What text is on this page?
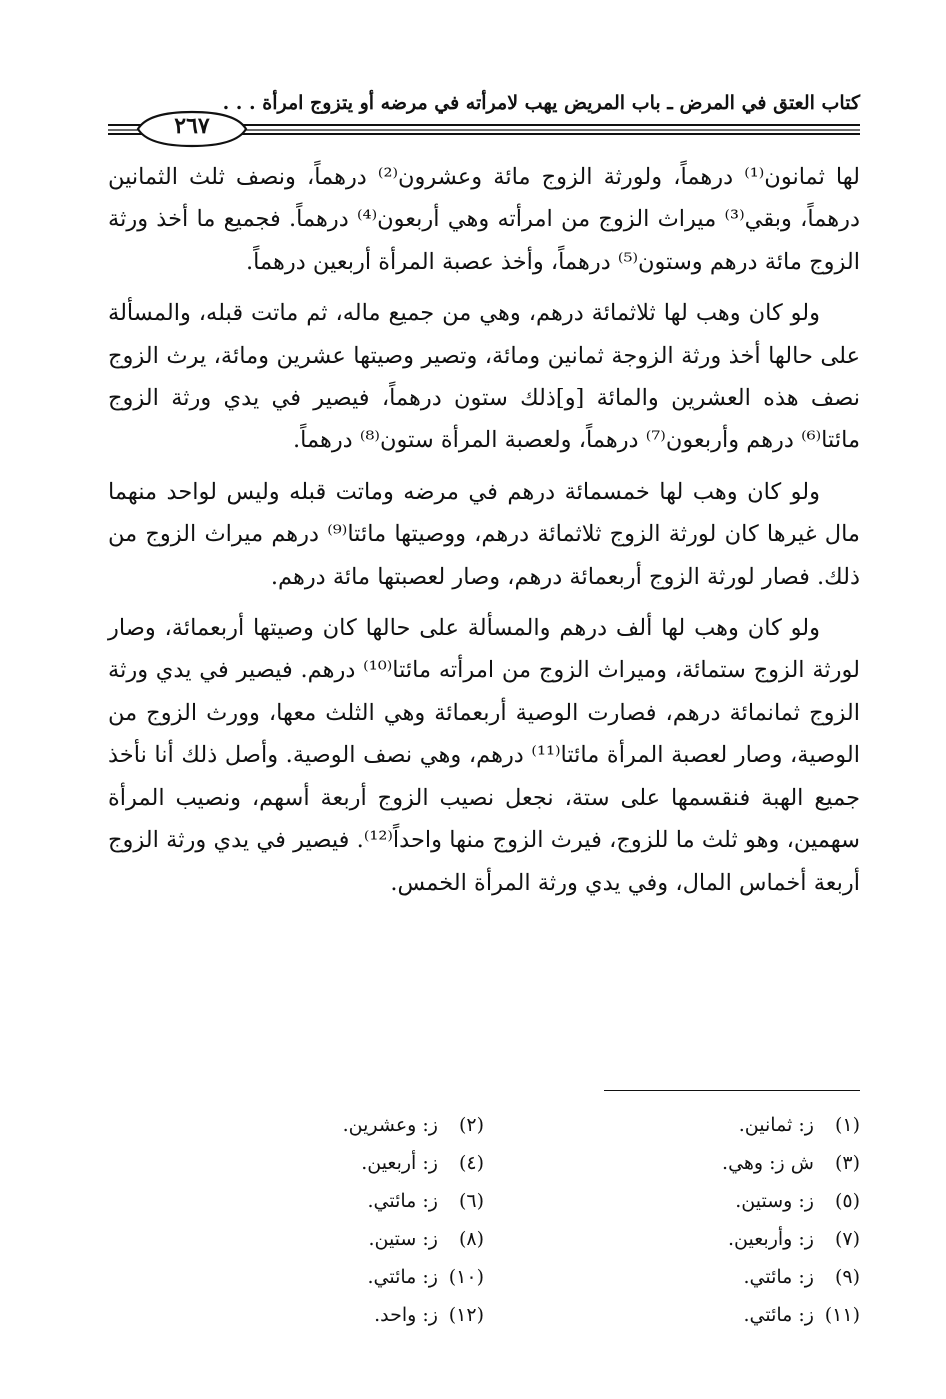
كتاب العتق في المرض ـ باب المريض يهب لامرأته في مرضه أو يتزوج امرأة . . .
٢٦٧

لها ثمانون⁽¹⁾ درهماً، ولورثة الزوج مائة وعشرون⁽²⁾ درهماً، ونصف ثلث الثمانين درهماً، وبقي⁽³⁾ ميراث الزوج من امرأته وهي أربعون⁽⁴⁾ درهماً. فجميع ما أخذ ورثة الزوج مائة درهم وستون⁽⁵⁾ درهماً، وأخذ عصبة المرأة أربعين درهماً.

ولو كان وهب لها ثلاثمائة درهم، وهي من جميع ماله، ثم ماتت قبله، والمسألة على حالها أخذ ورثة الزوجة ثمانين ومائة، وتصير وصيتها عشرين ومائة، يرث الزوج نصف هذه العشرين والمائة [و]ذلك ستون درهماً، فيصير في يدي ورثة الزوج مائتا⁽⁶⁾ درهم وأربعون⁽⁷⁾ درهماً، ولعصبة المرأة ستون⁽⁸⁾ درهماً.

ولو كان وهب لها خمسمائة درهم في مرضه وماتت قبله وليس لواحد منهما مال غيرها كان لورثة الزوج ثلاثمائة درهم، ووصيتها مائتا⁽⁹⁾ درهم ميراث الزوج من ذلك. فصار لورثة الزوج أربعمائة درهم، وصار لعصبتها مائة درهم.

ولو كان وهب لها ألف درهم والمسألة على حالها كان وصيتها أربعمائة، وصار لورثة الزوج ستمائة، وميراث الزوج من امرأته مائتا⁽¹⁰⁾ درهم. فيصير في يدي ورثة الزوج ثمانمائة درهم، فصارت الوصية أربعمائة وهي الثلث معها، وورث الزوج من الوصية، وصار لعصبة المرأة مائتا⁽¹¹⁾ درهم، وهي نصف الوصية. وأصل ذلك أنا نأخذ جميع الهبة فنقسمها على ستة، نجعل نصيب الزوج أربعة أسهم، ونصيب المرأة سهمين، وهو ثلث ما للزوج، فيرث الزوج منها واحداً⁽¹²⁾. فيصير في يدي ورثة الزوج أربعة أخماس المال، وفي يدي ورثة المرأة الخمس.

(١) ز: ثمانين.
(٢) ز: وعشرين.
(٣) ش ز: وهي.
(٤) ز: أربعين.
(٥) ز: وستين.
(٦) ز: مائتي.
(٧) ز: وأربعين.
(٨) ز: ستين.
(٩) ز: مائتي.
(١٠) ز: مائتي.
(١١) ز: مائتي.
(١٢) ز: واحد.
